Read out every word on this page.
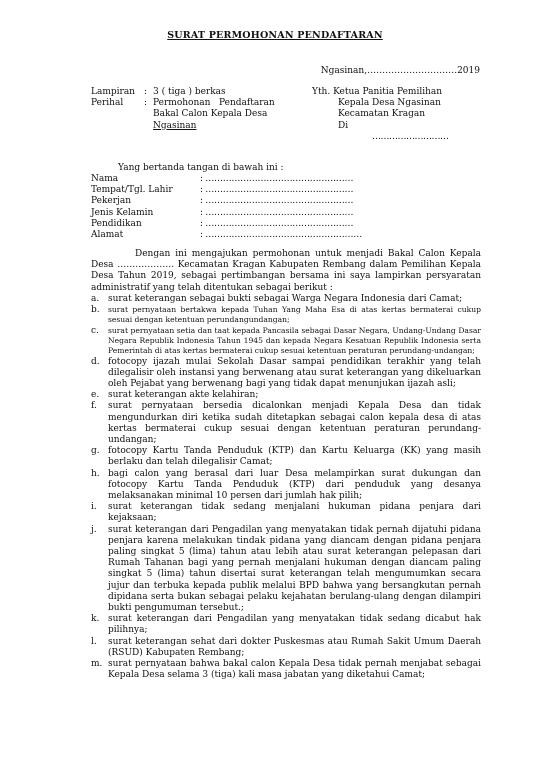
SURAT PERMOHONAN PENDAFTARAN
Ngasinan,…………………………2019
Lampiran	: 3 ( tiga ) berkas
Perihal	: Permohonan   Pendaftaran
Bakal Calon Kepala Desa
Ngasinan
Yth. Ketua Panitia Pemilihan
Kepala Desa Ngasinan
Kecamatan Kragan
Di
………………………
Yang bertanda tangan di bawah ini :
Nama	: ……………………………………………
Tempat/Tgl. Lahir	: ……………………………………………
Pekerjan	: ……………………………………………
Jenis Kelamin	: ……………………………………………
Pendidikan	: ……………………………………………
Alamat	: ………………………………………………

Dengan ini mengajukan permohonan untuk menjadi Bakal Calon Kepala Desa ………………. Kecamatan Kragan Kabupaten Rembang dalam Pemilihan Kepala Desa Tahun 2019, sebagai pertimbangan bersama ini saya lampirkan persyaratan administratif yang telah ditentukan sebagai berikut :

a. surat keterangan sebagai bukti sebagai Warga Negara Indonesia dari Camat;
b.	surat pernyataan bertakwa kepada Tuhan Yang Maha Esa di atas kertas bermaterai cukup sesuai dengan ketentuan perundangundangan;
c.	surat pernyataan setia dan taat kepada Pancasila sebagai Dasar Negara, Undang-Undang Dasar Negara Republik Indonesia Tahun 1945 dan kepada Negara Kesatuan Republik Indonesia serta Pemerintah di atas kertas bermaterai cukup sesuai ketentuan peraturan perundang-undangan;
d. fotocopy ijazah mulai Sekolah Dasar sampai pendidikan terakhir yang telah dilegalisir oleh instansi yang berwenang atau surat keterangan yang dikeluarkan oleh Pejabat yang berwenang bagi yang tidak dapat menunjukan ijazah asli;
e. surat keterangan akte kelahiran;
f.	surat pernyataan bersedia dicalonkan menjadi Kepala Desa dan tidak mengundurkan diri ketika sudah ditetapkan sebagai calon kepala desa di atas kertas bermaterai cukup sesuai dengan ketentuan peraturan perundang-undangan;
g. fotocopy Kartu Tanda Penduduk (KTP) dan Kartu Keluarga (KK) yang masih berlaku dan telah dilegalisir Camat;
h. bagi calon yang berasal dari luar Desa melampirkan surat dukungan dan fotocopy Kartu Tanda Penduduk (KTP) dari penduduk yang desanya melaksanakan minimal 10 persen dari jumlah hak pilih;
i.	surat keterangan tidak sedang menjalani hukuman pidana penjara dari kejaksaan;
j.	surat keterangan dari Pengadilan yang menyatakan tidak pernah dijatuhi pidana penjara karena melakukan tindak pidana yang diancam dengan pidana penjara paling singkat 5 (lima) tahun atau lebih atau surat keterangan pelepasan dari Rumah Tahanan bagi yang pernah menjalani hukuman dengan diancam paling singkat 5 (lima) tahun disertai surat keterangan telah mengumumkan secara jujur dan terbuka kepada publik melalui BPD bahwa yang bersangkutan pernah dipidana serta bukan sebagai pelaku kejahatan berulang-ulang dengan dilampiri bukti pengumuman tersebut.;
k. surat keterangan dari Pengadilan yang menyatakan tidak sedang dicabut hak pilihnya;
l.	surat keterangan sehat dari dokter Puskesmas atau Rumah Sakit Umum Daerah (RSUD) Kabupaten Rembang;
m. surat pernyataan bahwa bakal calon Kepala Desa tidak pernah menjabat sebagai Kepala Desa selama 3 (tiga) kali masa jabatan yang diketahui Camat;
